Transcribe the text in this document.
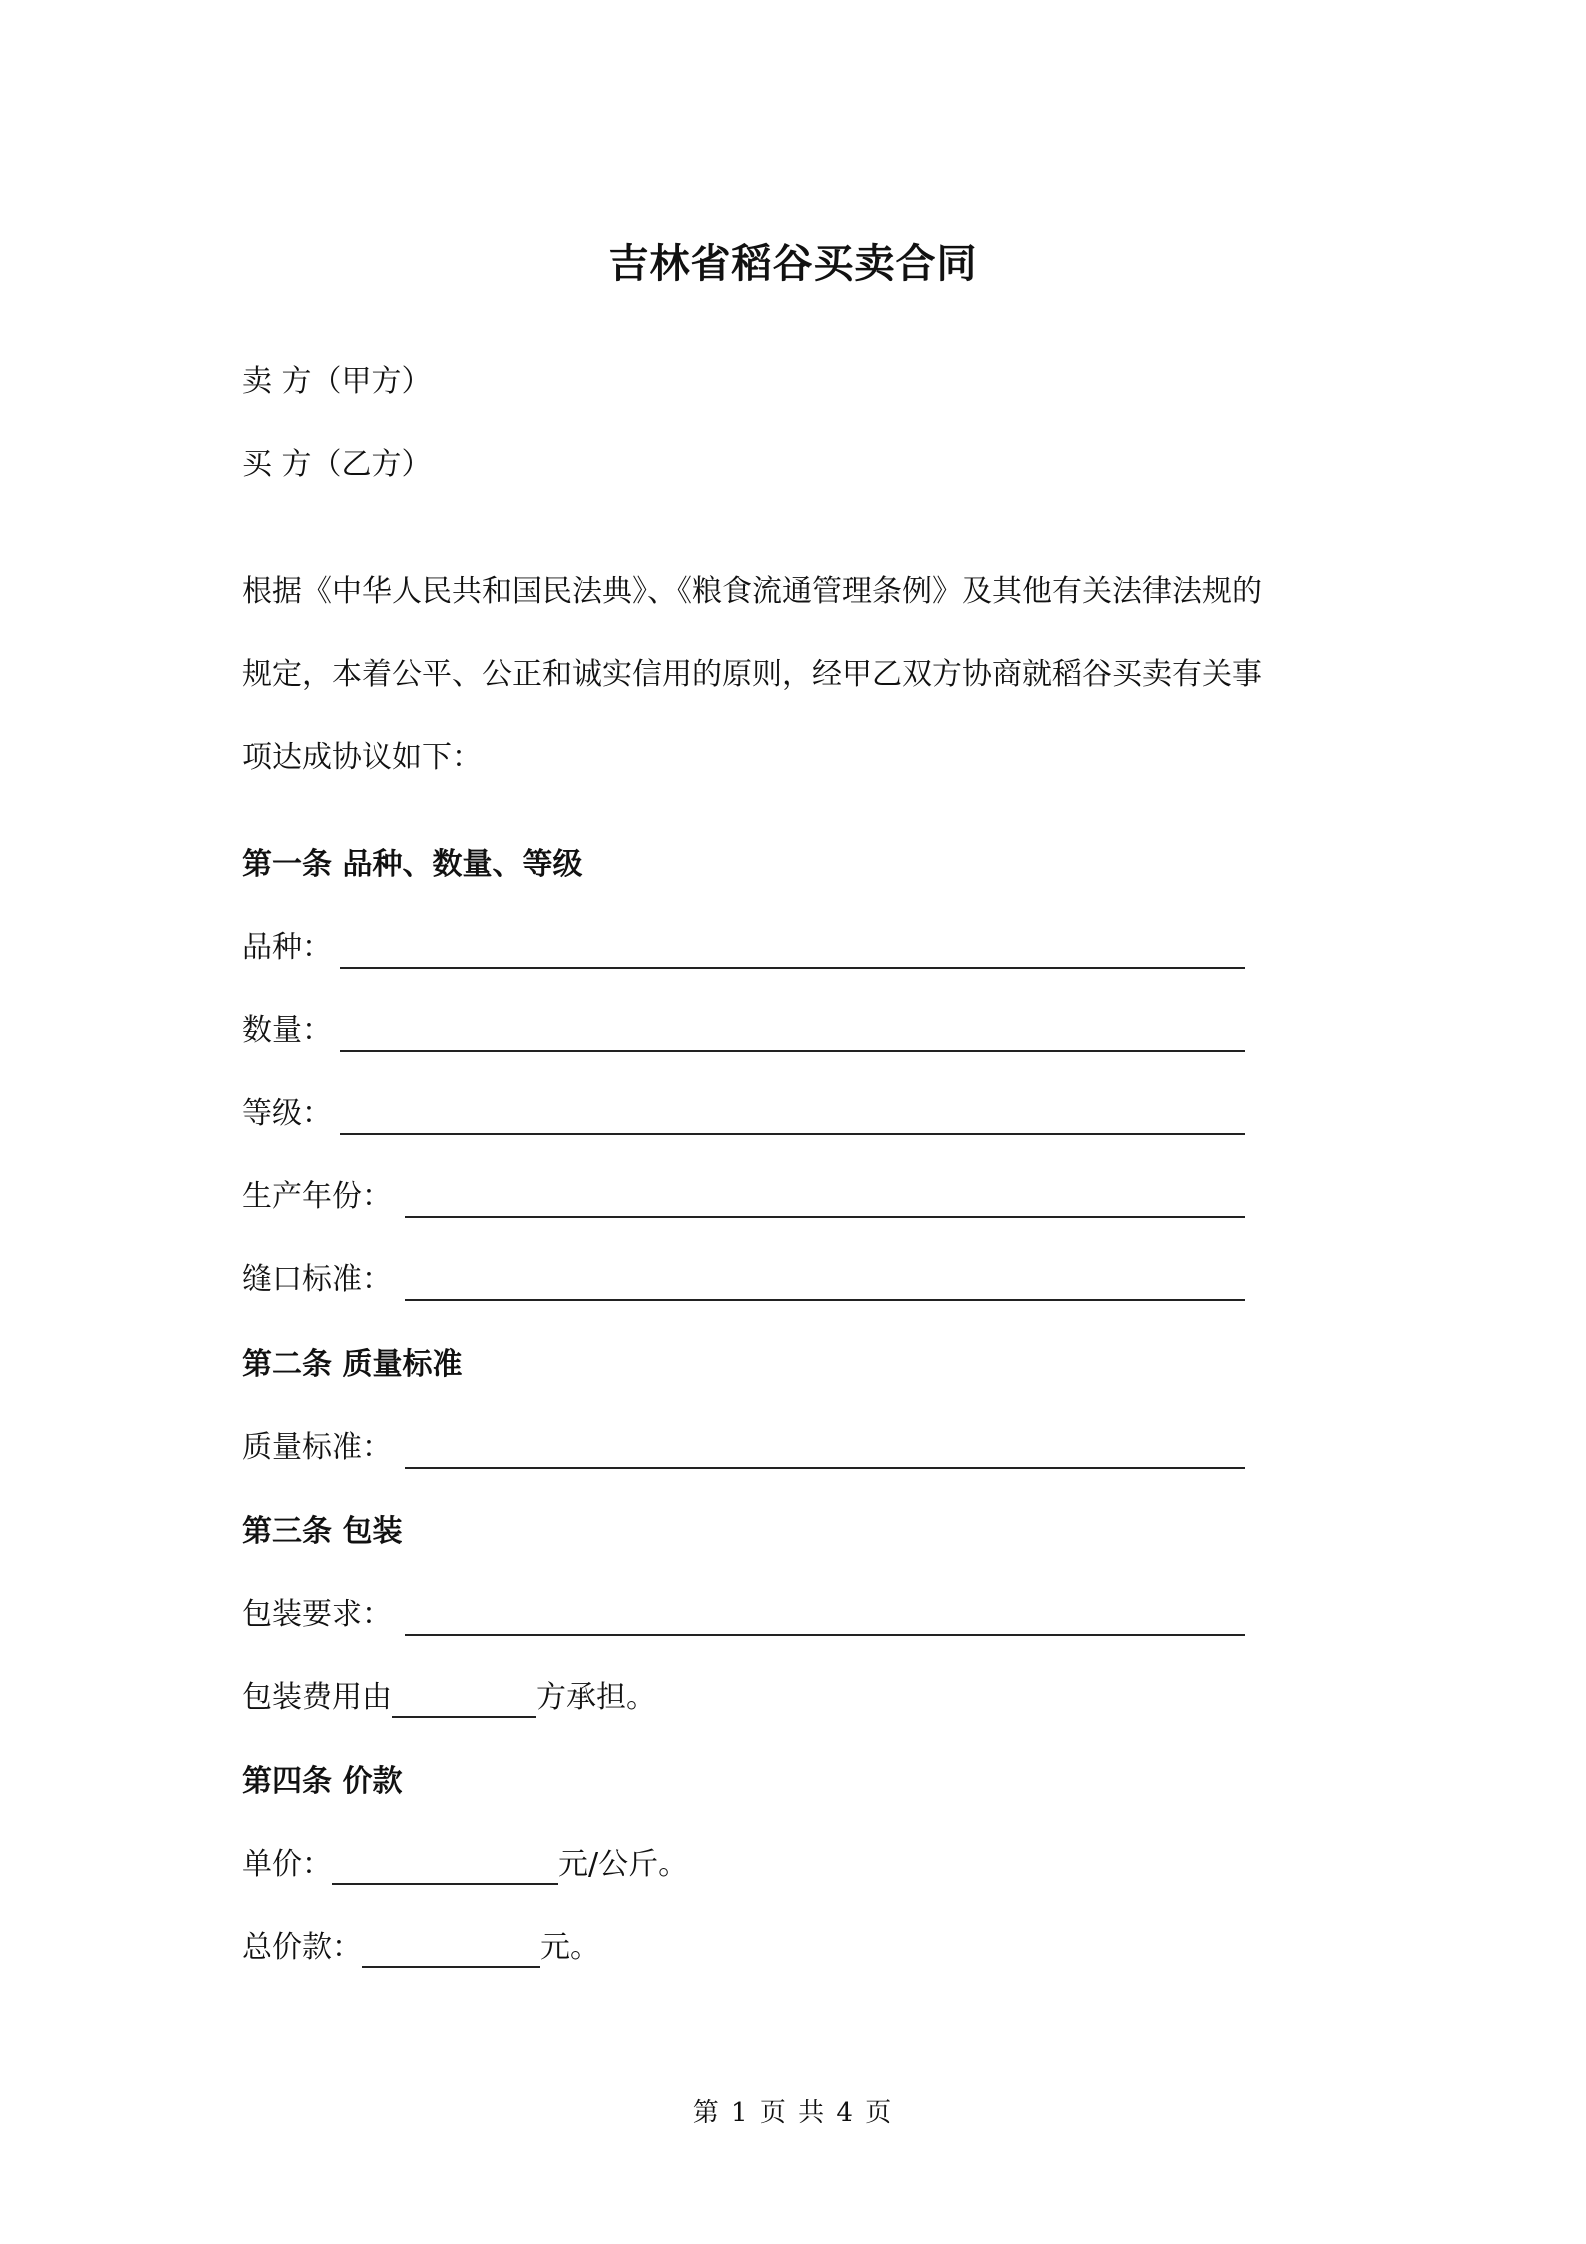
吉林省稻谷买卖合同
卖 方（甲方）
买 方（乙方）
根据《中华人民共和国民法典》、《粮食流通管理条例》及其他有关法律法规的
规定，本着公平、公正和诚实信用的原则，经甲乙双方协商就稻谷买卖有关事
项达成协议如下：
第一条 品种、数量、等级
品种：
数量：
等级：
生产年份：
缝口标准：
第二条 质量标准
质量标准：
第三条 包装
包装要求：
包装费用由	方承担。
第四条 价款
单价：	元/公斤。
总价款：	元。
第 1 页 共 4 页
